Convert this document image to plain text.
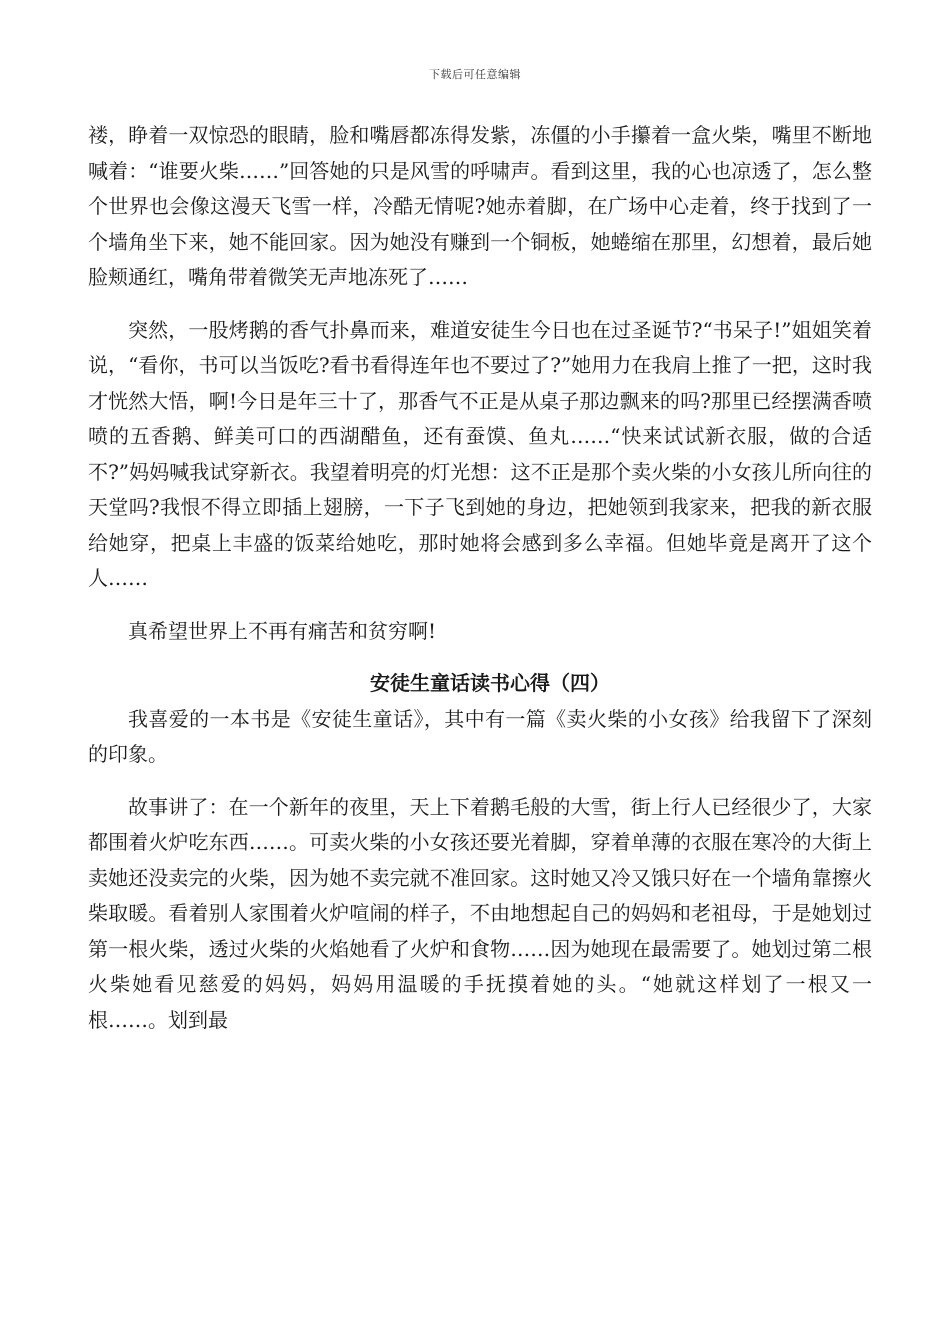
下载后可任意编辑

褛，睁着一双惊恐的眼睛，脸和嘴唇都冻得发紫，冻僵的小手攥着一盒火柴，嘴里不断地喊着：“谁要火柴……”回答她的只是风雪的呼啸声。看到这里，我的心也凉透了，怎么整个世界也会像这漫天飞雪一样，冷酷无情呢?她赤着脚，在广场中心走着，终于找到了一个墙角坐下来，她不能回家。因为她没有赚到一个铜板，她蜷缩在那里，幻想着，最后她脸颊通红，嘴角带着微笑无声地冻死了……

突然，一股烤鹅的香气扑鼻而来，难道安徒生今日也在过圣诞节?“书呆子!”姐姐笑着说，“看你，书可以当饭吃?看书看得连年也不要过了?”她用力在我肩上推了一把，这时我才恍然大悟，啊!今日是年三十了，那香气不正是从桌子那边飘来的吗?那里已经摆满香喷喷的五香鹅、鲜美可口的西湖醋鱼，还有蚕馍、鱼丸……“快来试试新衣服，做的合适不?”妈妈喊我试穿新衣。我望着明亮的灯光想：这不正是那个卖火柴的小女孩儿所向往的天堂吗?我恨不得立即插上翅膀，一下子飞到她的身边，把她领到我家来，把我的新衣服给她穿，把桌上丰盛的饭菜给她吃，那时她将会感到多么幸福。但她毕竟是离开了这个人……

真希望世界上不再有痛苦和贫穷啊!

安徒生童话读书心得（四）

我喜爱的一本书是《安徒生童话》，其中有一篇《卖火柴的小女孩》给我留下了深刻的印象。

故事讲了：在一个新年的夜里，天上下着鹅毛般的大雪，街上行人已经很少了，大家都围着火炉吃东西……。可卖火柴的小女孩还要光着脚，穿着单薄的衣服在寒冷的大街上卖她还没卖完的火柴，因为她不卖完就不准回家。这时她又冷又饿只好在一个墙角靠擦火柴取暖。看着别人家围着火炉喧闹的样子，不由地想起自己的妈妈和老祖母，于是她划过第一根火柴，透过火柴的火焰她看了火炉和食物……因为她现在最需要了。她划过第二根火柴她看见慈爱的妈妈，妈妈用温暖的手抚摸着她的头。“她就这样划了一根又一根……。划到最
